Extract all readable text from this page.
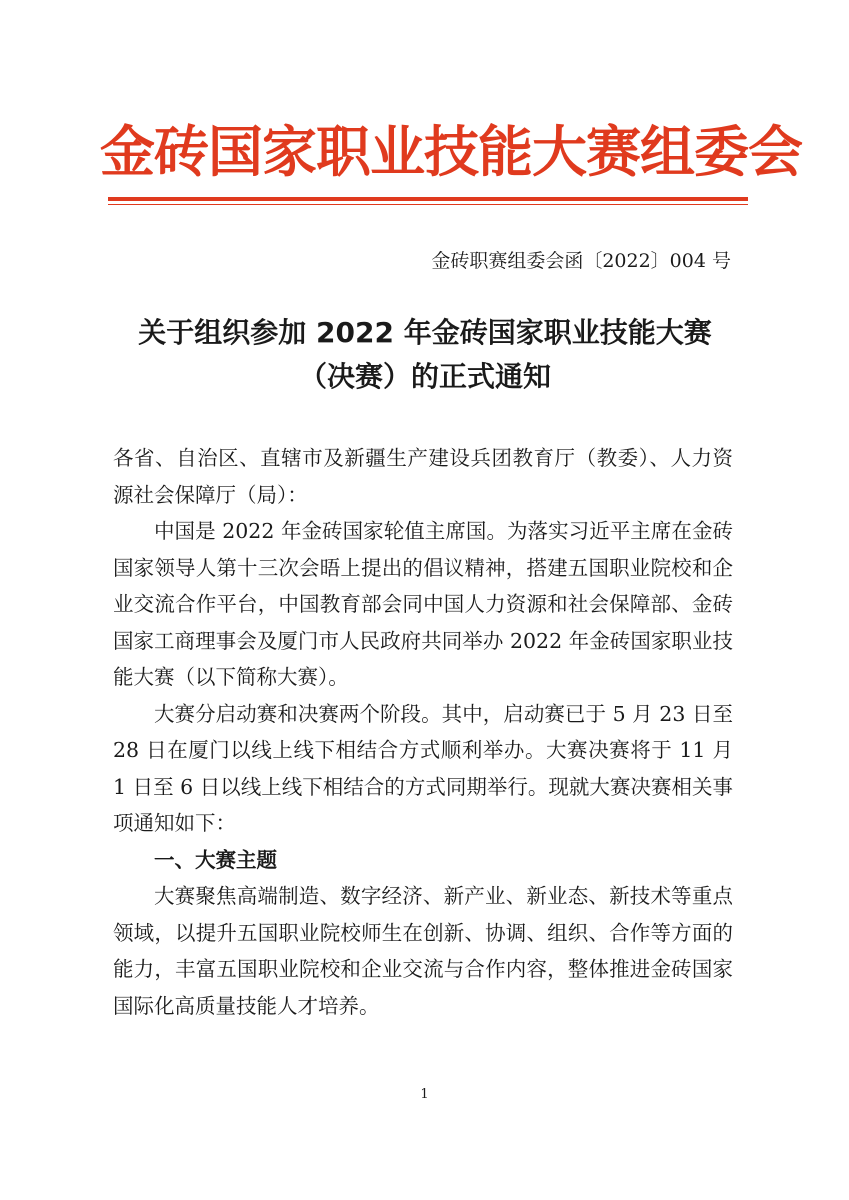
金砖国家职业技能大赛组委会
金砖职赛组委会函〔2022〕004 号
关于组织参加 2022 年金砖国家职业技能大赛
（决赛）的正式通知

各省、自治区、直辖市及新疆生产建设兵团教育厅（教委）、人力资源社会保障厅（局）：

中国是 2022 年金砖国家轮值主席国。为落实习近平主席在金砖国家领导人第十三次会晤上提出的倡议精神，搭建五国职业院校和企业交流合作平台，中国教育部会同中国人力资源和社会保障部、金砖国家工商理事会及厦门市人民政府共同举办 2022 年金砖国家职业技能大赛（以下简称大赛）。

大赛分启动赛和决赛两个阶段。其中，启动赛已于 5 月 23 日至 28 日在厦门以线上线下相结合方式顺利举办。大赛决赛将于 11 月 1 日至 6 日以线上线下相结合的方式同期举行。现就大赛决赛相关事项通知如下：

一、大赛主题

大赛聚焦高端制造、数字经济、新产业、新业态、新技术等重点领域，以提升五国职业院校师生在创新、协调、组织、合作等方面的能力，丰富五国职业院校和企业交流与合作内容，整体推进金砖国家国际化高质量技能人才培养。

1
